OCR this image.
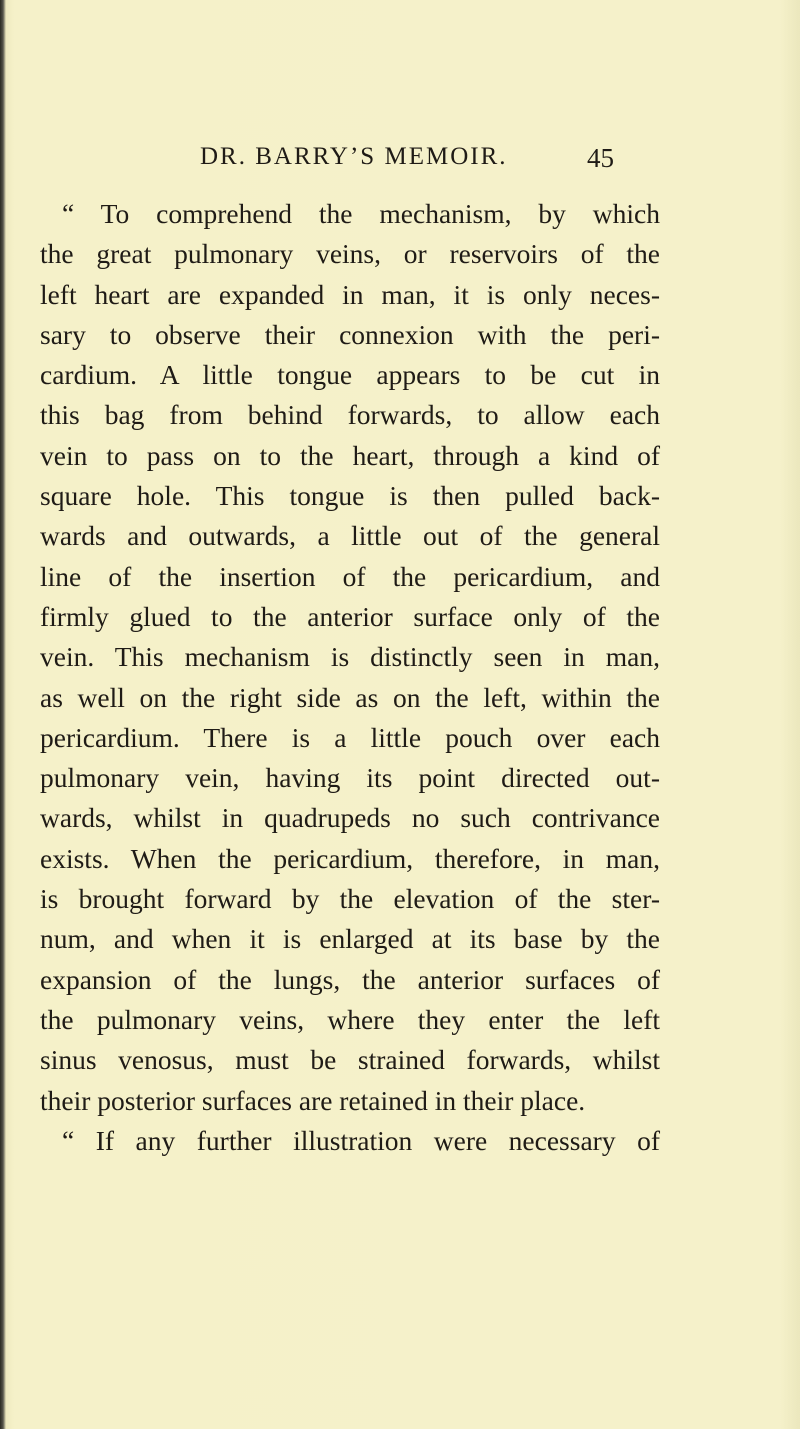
DR. BARRY’S MEMOIR.	45
“ To comprehend the mechanism, by which
the great pulmonary veins, or reservoirs of the
left heart are expanded in man, it is only neces-
sary to observe their connexion with the peri-
cardium. A little tongue appears to be cut in
this bag from behind forwards, to allow each
vein to pass on to the heart, through a kind of
square hole. This tongue is then pulled back-
wards and outwards, a little out of the general
line of the insertion of the pericardium, and
firmly glued to the anterior surface only of the
vein. This mechanism is distinctly seen in man,
as well on the right side as on the left, within the
pericardium. There is a little pouch over each
pulmonary vein, having its point directed out-
wards, whilst in quadrupeds no such contrivance
exists. When the pericardium, therefore, in man,
is brought forward by the elevation of the ster-
num, and when it is enlarged at its base by the
expansion of the lungs, the anterior surfaces of
the pulmonary veins, where they enter the left
sinus venosus, must be strained forwards, whilst
their posterior surfaces are retained in their place.
“ If any further illustration were necessary of
